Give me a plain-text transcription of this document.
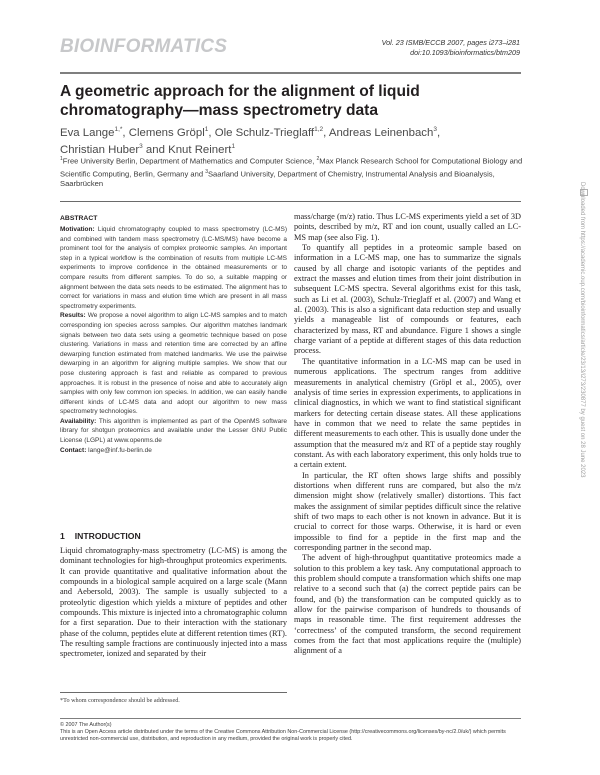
BIOINFORMATICS	Vol. 23 ISMB/ECCB 2007, pages i273–i281
doi:10.1093/bioinformatics/btm209
A geometric approach for the alignment of liquid chromatography—mass spectrometry data
Eva Lange$^{1,*}$, Clemens Gröpl$^1$, Ole Schulz-Trieglaff$^{1,2}$, Andreas Leinenbach$^3$,
Christian Huber$^3$ and Knut Reinert$^1$
$^1$Free University Berlin, Department of Mathematics and Computer Science, $^2$Max Planck Research School for Computational Biology and Scientific Computing, Berlin, Germany and $^3$Saarland University, Department of Chemistry, Instrumental Analysis and Bioanalysis, Saarbrücken
ABSTRACT

Motivation: Liquid chromatography coupled to mass spectrometry (LC-MS) and combined with tandem mass spectrometry (LC-MS/MS) have become a prominent tool for the analysis of complex proteomic samples. An important step in a typical workflow is the combination of results from multiple LC-MS experiments to improve confidence in the obtained measurements or to compare results from different samples. To do so, a suitable mapping or alignment between the data sets needs to be estimated. The alignment has to correct for variations in mass and elution time which are present in all mass spectrometry experiments.

Results: We propose a novel algorithm to align LC-MS samples and to match corresponding ion species across samples. Our algorithm matches landmark signals between two data sets using a geometric technique based on pose clustering. Variations in mass and retention time are corrected by an affine dewarping function estimated from matched landmarks. We use the pairwise dewarping in an algorithm for aligning multiple samples. We show that our pose clustering approach is fast and reliable as compared to previous approaches. It is robust in the presence of noise and able to accurately align samples with only few common ion species. In addition, we can easily handle different kinds of LC-MS data and adopt our algorithm to new mass spectrometry technologies.

Availability: This algorithm is implemented as part of the OpenMS software library for shotgun proteomics and available under the Lesser GNU Public License (LGPL) at www.openms.de

Contact: lange@inf.fu-berlin.de

1 INTRODUCTION

Liquid chromatography-mass spectrometry (LC-MS) is among the dominant technologies for high-throughput proteomics experiments. It can provide quantitative and qualitative information about the compounds in a biological sample acquired on a large scale (Mann and Aebersold, 2003). The sample is usually subjected to a proteolytic digestion which yields a mixture of peptides and other compounds. This mixture is injected into a chromatographic column for a first separation. Due to their interaction with the stationary phase of the column, peptides elute at different retention times (RT). The resulting sample fractions are continuously injected into a mass spectrometer, ionized and separated by their

*To whom correspondence should be addressed.

mass/charge (m/z) ratio. Thus LC-MS experiments yield a set of 3D points, described by m/z, RT and ion count, usually called an LC-MS map (see also Fig. 1).

To quantify all peptides in a proteomic sample based on information in a LC-MS map, one has to summarize the signals caused by all charge and isotopic variants of the peptides and extract the masses and elution times from their joint distribution in subsequent LC-MS spectra. Several algorithms exist for this task, such as Li et al. (2003), Schulz-Trieglaff et al. (2007) and Wang et al. (2003). This is also a significant data reduction step and usually yields a manageable list of compounds or features, each characterized by mass, RT and abundance. Figure 1 shows a single charge variant of a peptide at different stages of this data reduction process.

The quantitative information in a LC-MS map can be used in numerous applications. The spectrum ranges from additive measurements in analytical chemistry (Gröpl et al., 2005), over analysis of time series in expression experiments, to applications in clinical diagnostics, in which we want to find statistical significant markers for detecting certain disease states. All these applications have in common that we need to relate the same peptides in different measurements to each other. This is usually done under the assumption that the measured m/z and RT of a peptide stay roughly constant. As with each laboratory experiment, this only holds true to a certain extent.

In particular, the RT often shows large shifts and possibly distortions when different runs are compared, but also the m/z dimension might show (relatively smaller) distortions. This fact makes the assignment of similar peptides difficult since the relative shift of two maps to each other is not known in advance. But it is crucial to correct for those warps. Otherwise, it is hard or even impossible to find for a peptide in the first map and the corresponding partner in the second map.

The advent of high-throughput quantitative proteomics made a solution to this problem a key task. Any computational approach to this problem should compute a transformation which shifts one map relative to a second such that (a) the correct peptide pairs can be found, and (b) the transformation can be computed quickly as to allow for the pairwise comparison of hundreds to thousands of maps in reasonable time. The first requirement addresses the ‘correctness’ of the computed transform, the second requirement comes from the fact that most applications require the (multiple) alignment of a

© 2007 The Author(s)
This is an Open Access article distributed under the terms of the Creative Commons Attribution Non-Commercial License (http://creativecommons.org/licenses/by-nc/2.0/uk/) which permits unrestricted non-commercial use, distribution, and reproduction in any medium, provided the original work is properly cited.
Downloaded from https://academic.oup.com/bioinformatics/article/23/13/i273/230877 by guest on 28 June 2023
